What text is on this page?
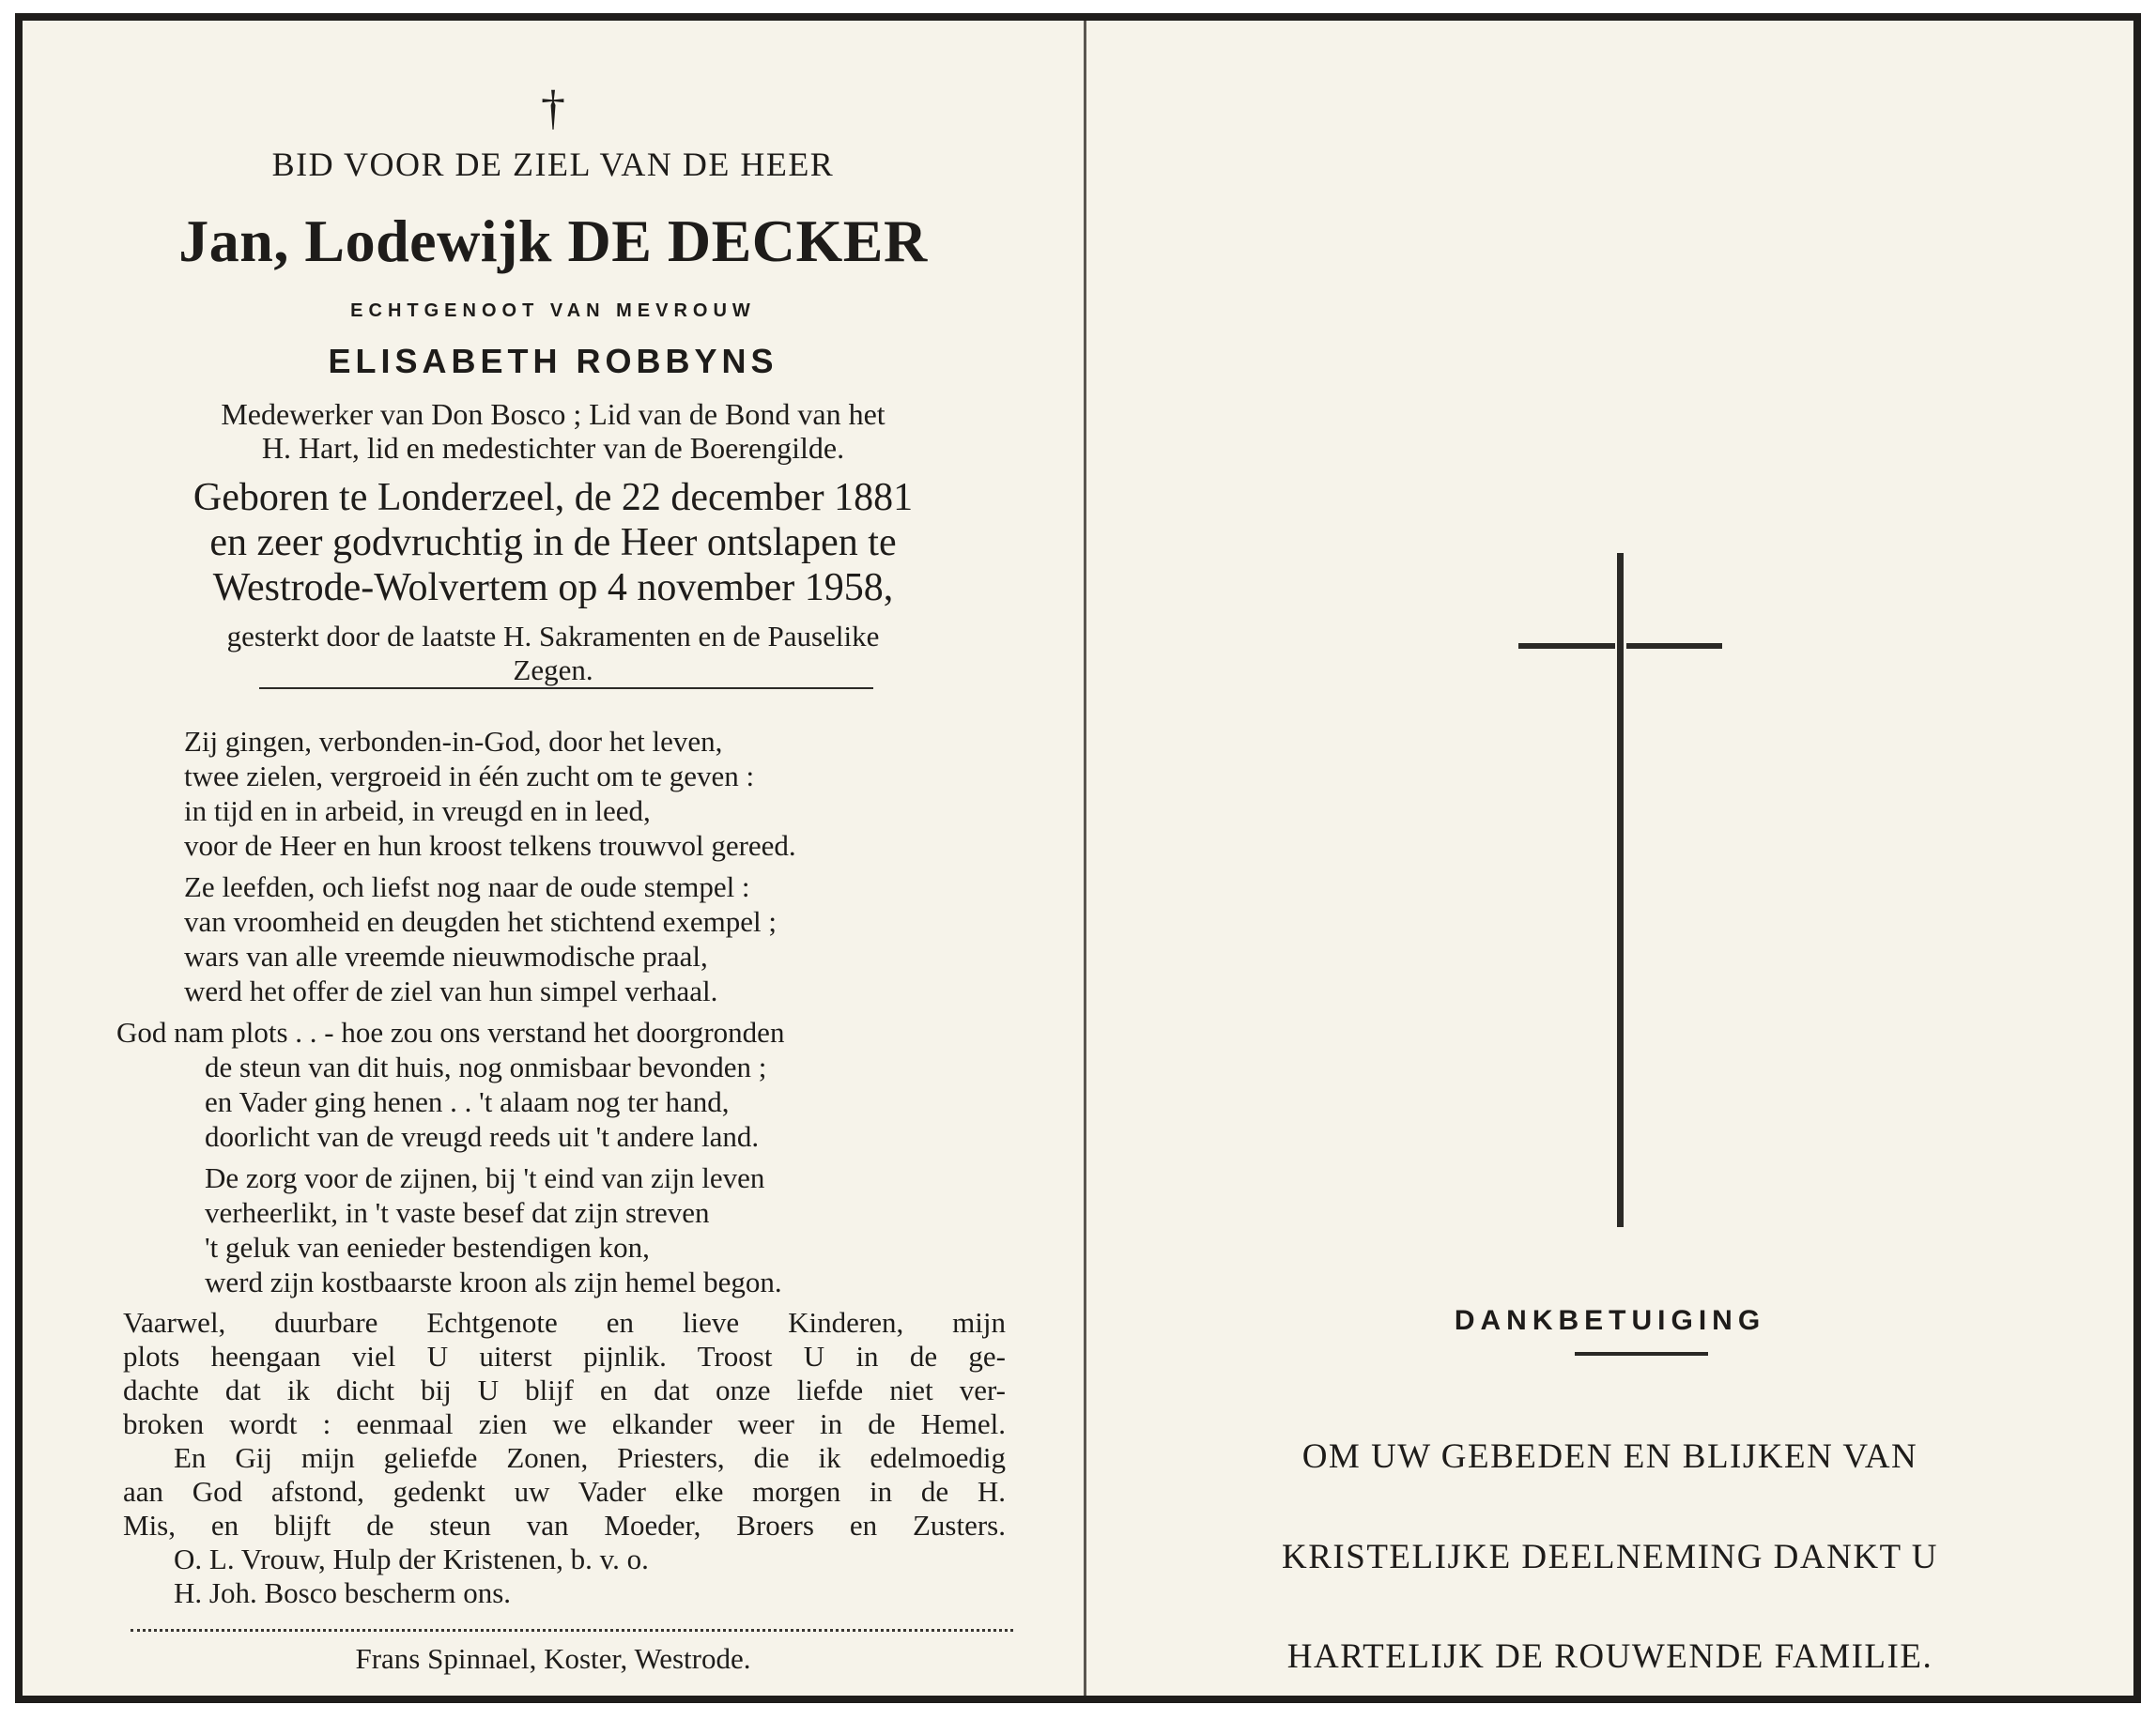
†
BID VOOR DE ZIEL VAN DE HEER
Jan, Lodewijk DE DECKER
ECHTGENOOT VAN MEVROUW
ELISABETH ROBBYNS
Medewerker van Don Bosco ; Lid van de Bond van het
H. Hart, lid en medestichter van de Boerengilde.
Geboren te Londerzeel, de 22 december 1881
en zeer godvruchtig in de Heer ontslapen te
Westrode-Wolvertem op 4 november 1958,
gesterkt door de laatste H. Sakramenten en de Pauselike
Zegen.
Zij gingen, verbonden-in-God, door het leven,
twee zielen, vergroeid in één zucht om te geven :
in tijd en in arbeid, in vreugd en in leed,
voor de Heer en hun kroost telkens trouwvol gereed.
Ze leefden, och liefst nog naar de oude stempel :
van vroomheid en deugden het stichtend exempel ;
wars van alle vreemde nieuwmodische praal,
werd het offer de ziel van hun simpel verhaal.
God nam plots . . - hoe zou ons verstand het doorgronden
de steun van dit huis, nog onmisbaar bevonden ;
en Vader ging henen . . 't alaam nog ter hand,
doorlicht van de vreugd reeds uit 't andere land.
De zorg voor de zijnen, bij 't eind van zijn leven
verheerlikt, in 't vaste besef dat zijn streven
't geluk van eenieder bestendigen kon,
werd zijn kostbaarste kroon als zijn hemel begon.
Vaarwel, duurbare Echtgenote en lieve Kinderen, mijn
plots heengaan viel U uiterst pijnlik. Troost U in de ge-
dachte dat ik dicht bij U blijf en dat onze liefde niet ver-
broken wordt : eenmaal zien we elkander weer in de Hemel.
En Gij mijn geliefde Zonen, Priesters, die ik edelmoedig
aan God afstond, gedenkt uw Vader elke morgen in de H.
Mis, en blijft de steun van Moeder, Broers en Zusters.
O. L. Vrouw, Hulp der Kristenen, b. v. o.
H. Joh. Bosco bescherm ons.
Frans Spinnael, Koster, Westrode.
DANKBETUIGING
OM UW GEBEDEN EN BLIJKEN VAN
KRISTELIJKE DEELNEMING DANKT U
HARTELIJK DE ROUWENDE FAMILIE.
